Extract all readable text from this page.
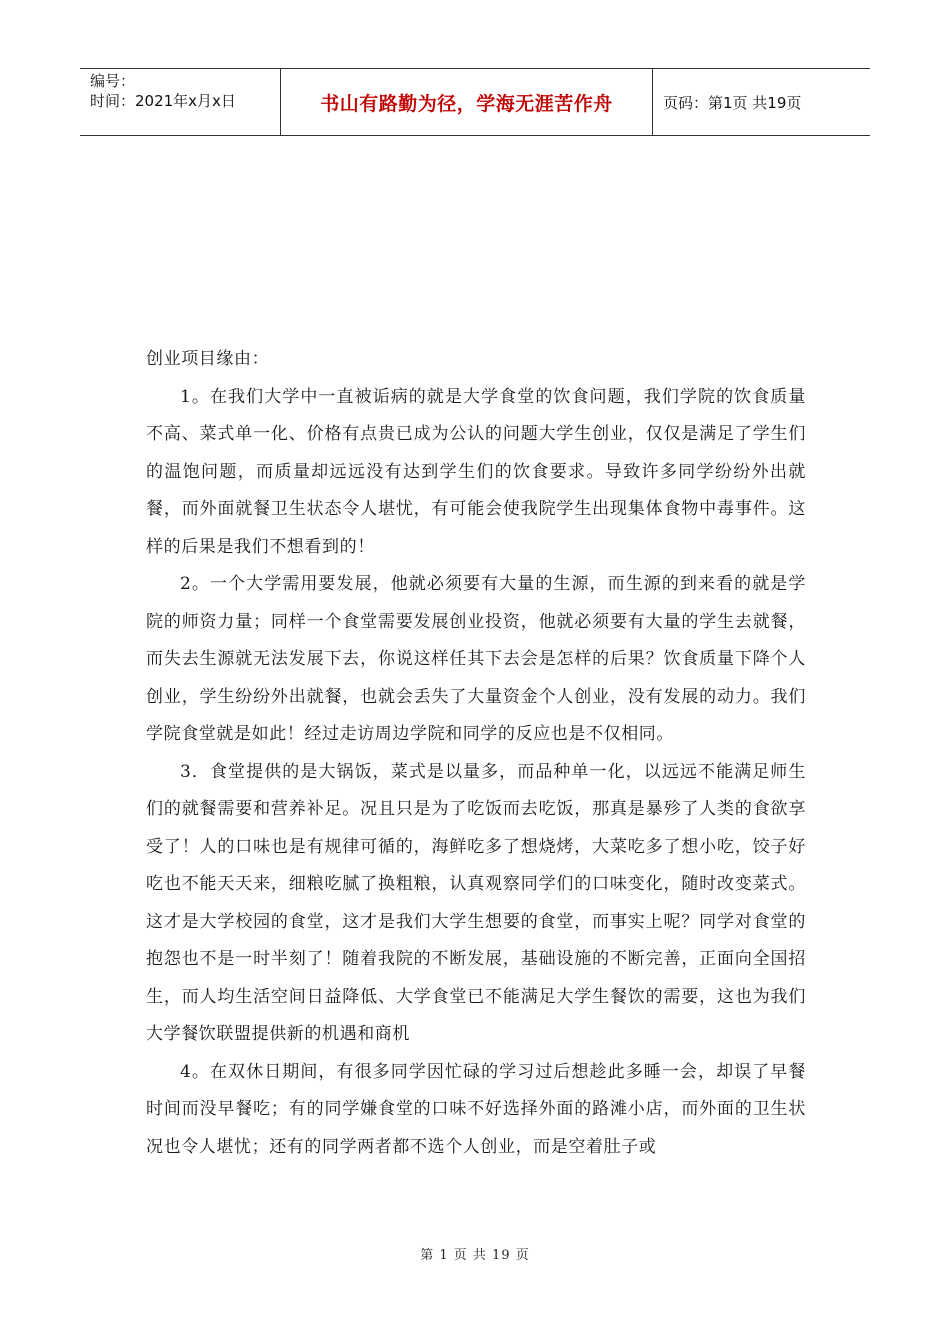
编号：
时间：2021年x月x日	书山有路勤为径，学海无涯苦作舟	页码：第1页 共19页

创业项目缘由：

1。在我们大学中一直被诟病的就是大学食堂的饮食问题，我们学院的饮食质量不高、菜式单一化、价格有点贵已成为公认的问题大学生创业，仅仅是满足了学生们的温饱问题，而质量却远远没有达到学生们的饮食要求。导致许多同学纷纷外出就餐，而外面就餐卫生状态令人堪忧，有可能会使我院学生出现集体食物中毒事件。这样的后果是我们不想看到的！

2。一个大学需用要发展，他就必须要有大量的生源，而生源的到来看的就是学院的师资力量；同样一个食堂需要发展创业投资，他就必须要有大量的学生去就餐，而失去生源就无法发展下去，你说这样任其下去会是怎样的后果？饮食质量下降个人创业，学生纷纷外出就餐，也就会丢失了大量资金个人创业，没有发展的动力。我们学院食堂就是如此！经过走访周边学院和同学的反应也是不仅相同。

3．食堂提供的是大锅饭，菜式是以量多，而品种单一化，以远远不能满足师生们的就餐需要和营养补足。况且只是为了吃饭而去吃饭，那真是暴殄了人类的食欲享受了！人的口味也是有规律可循的，海鲜吃多了想烧烤，大菜吃多了想小吃，饺子好吃也不能天天来，细粮吃腻了换粗粮，认真观察同学们的口味变化，随时改变菜式。这才是大学校园的食堂，这才是我们大学生想要的食堂，而事实上呢？同学对食堂的抱怨也不是一时半刻了！随着我院的不断发展，基础设施的不断完善，正面向全国招生，而人均生活空间日益降低、大学食堂已不能满足大学生餐饮的需要，这也为我们大学餐饮联盟提供新的机遇和商机

4。在双休日期间，有很多同学因忙碌的学习过后想趁此多睡一会，却误了早餐时间而没早餐吃；有的同学嫌食堂的口味不好选择外面的路滩小店，而外面的卫生状况也令人堪忧；还有的同学两者都不选个人创业，而是空着肚子或

第 1 页 共 19 页
